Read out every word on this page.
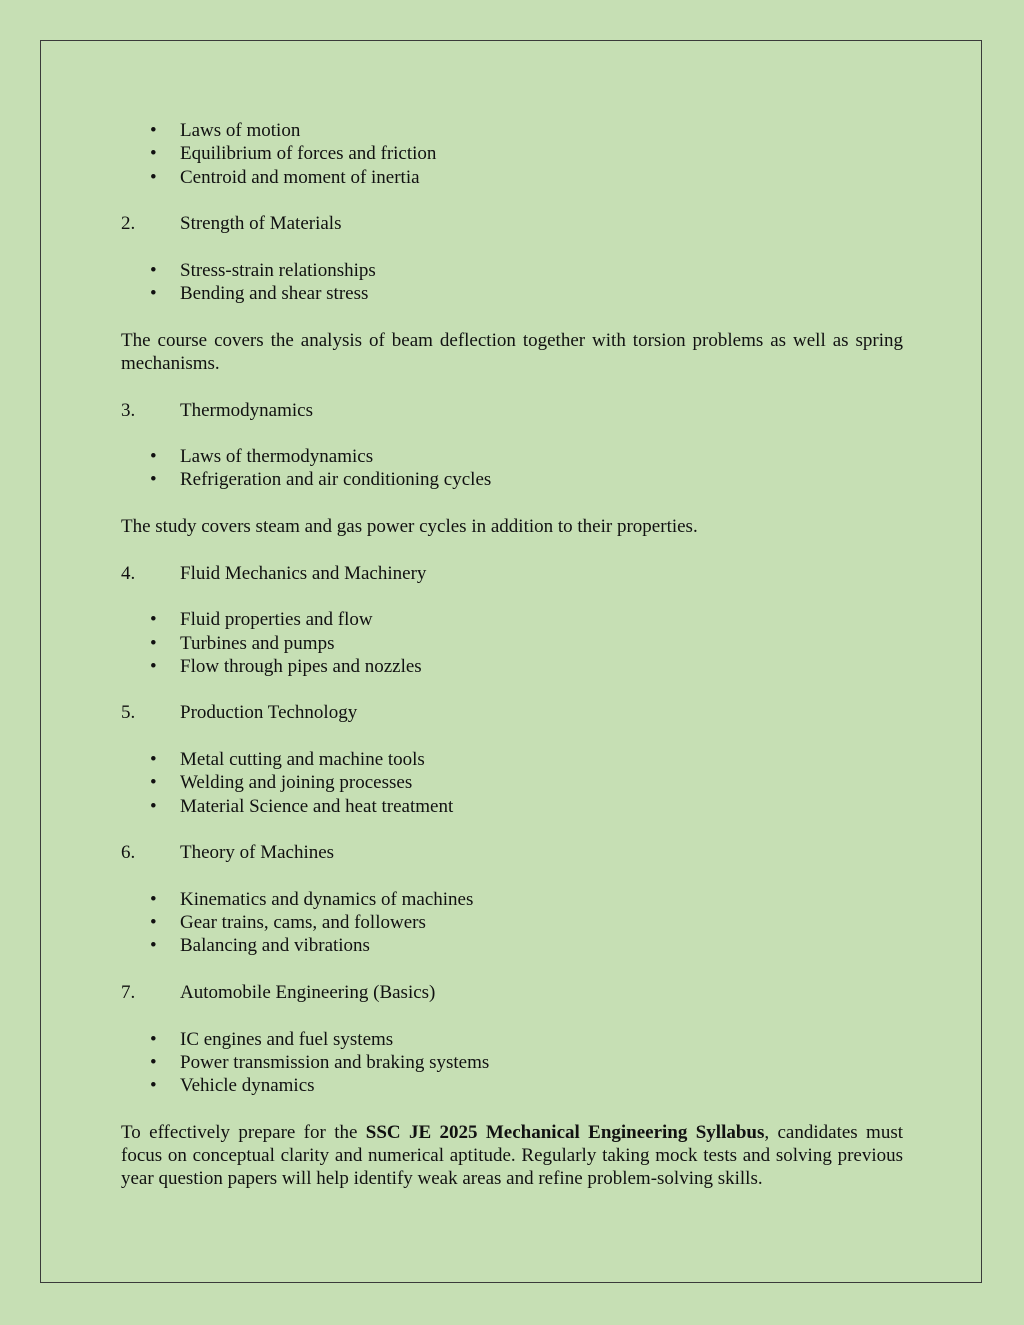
• Laws of motion
• Equilibrium of forces and friction
• Centroid and moment of inertia
2.	Strength of Materials
• Stress-strain relationships
• Bending and shear stress

The course covers the analysis of beam deflection together with torsion problems as well as spring mechanisms.

3.	Thermodynamics
• Laws of thermodynamics
• Refrigeration and air conditioning cycles

The study covers steam and gas power cycles in addition to their properties.

4.	Fluid Mechanics and Machinery
• Fluid properties and flow
• Turbines and pumps
• Flow through pipes and nozzles
5.	Production Technology
• Metal cutting and machine tools
• Welding and joining processes
• Material Science and heat treatment
6.	Theory of Machines
• Kinematics and dynamics of machines
• Gear trains, cams, and followers
• Balancing and vibrations
7.	Automobile Engineering (Basics)
• IC engines and fuel systems
• Power transmission and braking systems
• Vehicle dynamics

To effectively prepare for the SSC JE 2025 Mechanical Engineering Syllabus, candidates must focus on conceptual clarity and numerical aptitude. Regularly taking mock tests and solving previous year question papers will help identify weak areas and refine problem-solving skills.
